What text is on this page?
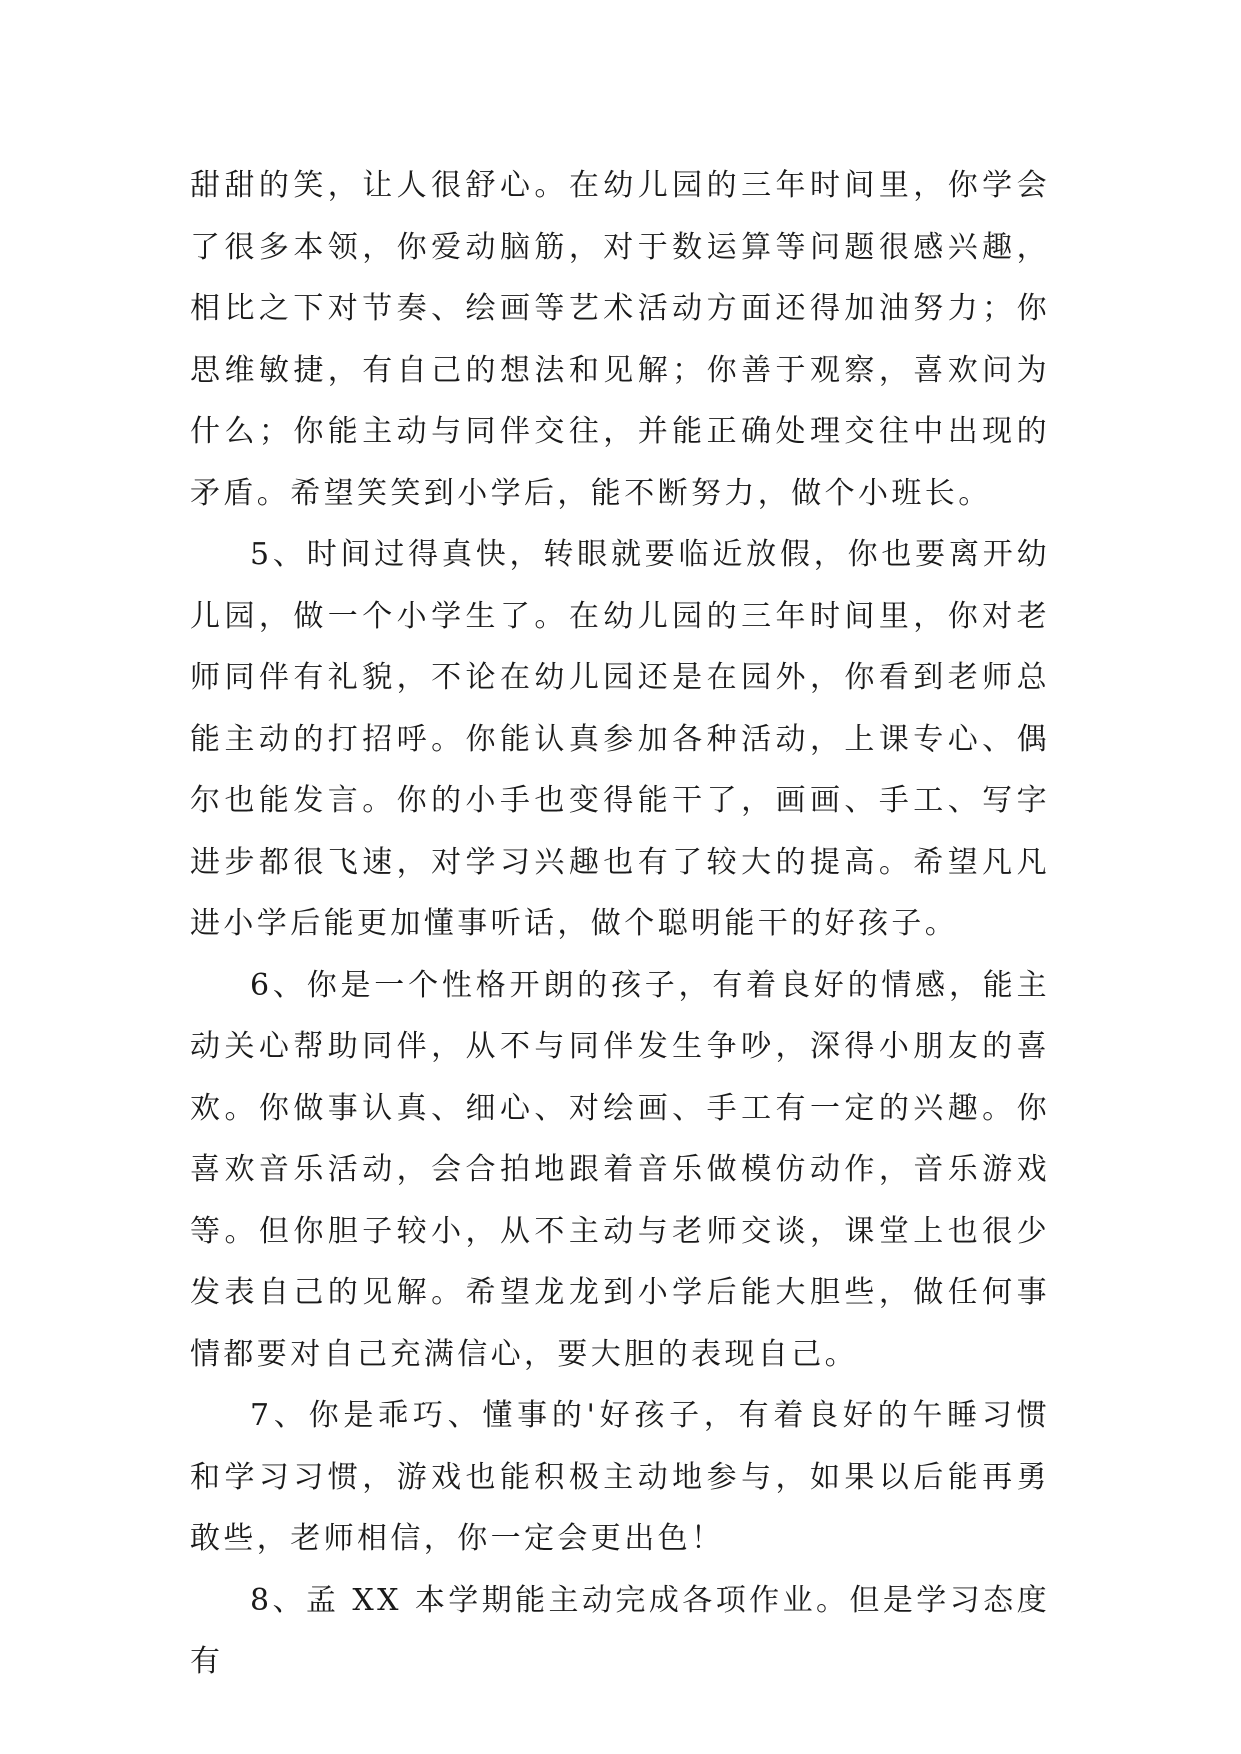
甜甜的笑，让人很舒心。在幼儿园的三年时间里，你学会了很多本领，你爱动脑筋，对于数运算等问题很感兴趣，相比之下对节奏、绘画等艺术活动方面还得加油努力；你思维敏捷，有自己的想法和见解；你善于观察，喜欢问为什么；你能主动与同伴交往，并能正确处理交往中出现的矛盾。希望笑笑到小学后，能不断努力，做个小班长。

5、时间过得真快，转眼就要临近放假，你也要离开幼儿园，做一个小学生了。在幼儿园的三年时间里，你对老师同伴有礼貌，不论在幼儿园还是在园外，你看到老师总能主动的打招呼。你能认真参加各种活动，上课专心、偶尔也能发言。你的小手也变得能干了，画画、手工、写字进步都很飞速，对学习兴趣也有了较大的提高。希望凡凡进小学后能更加懂事听话，做个聪明能干的好孩子。

6、你是一个性格开朗的孩子，有着良好的情感，能主动关心帮助同伴，从不与同伴发生争吵，深得小朋友的喜欢。你做事认真、细心、对绘画、手工有一定的兴趣。你喜欢音乐活动，会合拍地跟着音乐做模仿动作，音乐游戏等。但你胆子较小，从不主动与老师交谈，课堂上也很少发表自己的见解。希望龙龙到小学后能大胆些，做任何事情都要对自己充满信心，要大胆的表现自己。

7、你是乖巧、懂事的'好孩子，有着良好的午睡习惯和学习习惯，游戏也能积极主动地参与，如果以后能再勇敢些，老师相信，你一定会更出色！

8、孟 XX 本学期能主动完成各项作业。但是学习态度有
